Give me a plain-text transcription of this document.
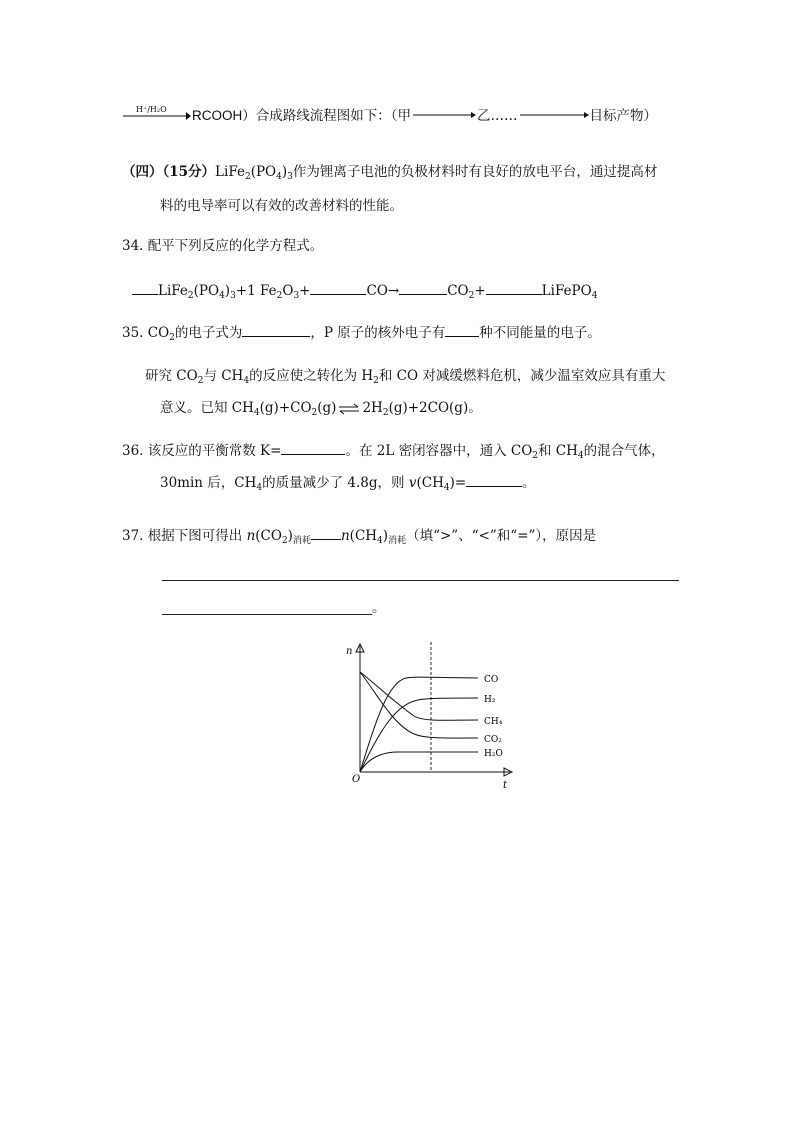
H⁺/H₂O RCOOH）合成路线流程图如下：（甲	乙……	目标产物）
（四）（15分）$LiFe_2(PO_4)_3$作为锂离子电池的负极材料时有良好的放电平台，通过提高材
料的电导率可以有效的改善材料的性能。
34. 配平下列反应的化学方程式。
$LiFe_2(PO_4)_3+1$ $Fe_2O_3+$	CO→	$CO_2+$	LiFePO$_4$
35. $CO_2$的电子式为	，P 原子的核外电子有	种不同能量的电子。
研究 $CO_2$与 $CH_4$的反应使之转化为 $H_2$和 CO 对减缓燃料危机，减少温室效应具有重大
意义。已知 $CH_4(g)+CO_2(g)$ ⇌ $2H_2(g)+2CO(g)$。
36. 该反应的平衡常数 K=	。在 2L 密闭容器中，通入 $CO_2$和 $CH_4$的混合气体，
30min 后，$CH_4$的质量减少了 4.8g，则 $v(CH_4)=$	。
37. 根据下图可得出 $n(CO_2)_{消耗}$ $n(CH_4)_{消耗}$（填“>”、“<”和“=”），原因是
。
CO
H₂
CH₄
CO₂
H₂O
n
O
t
